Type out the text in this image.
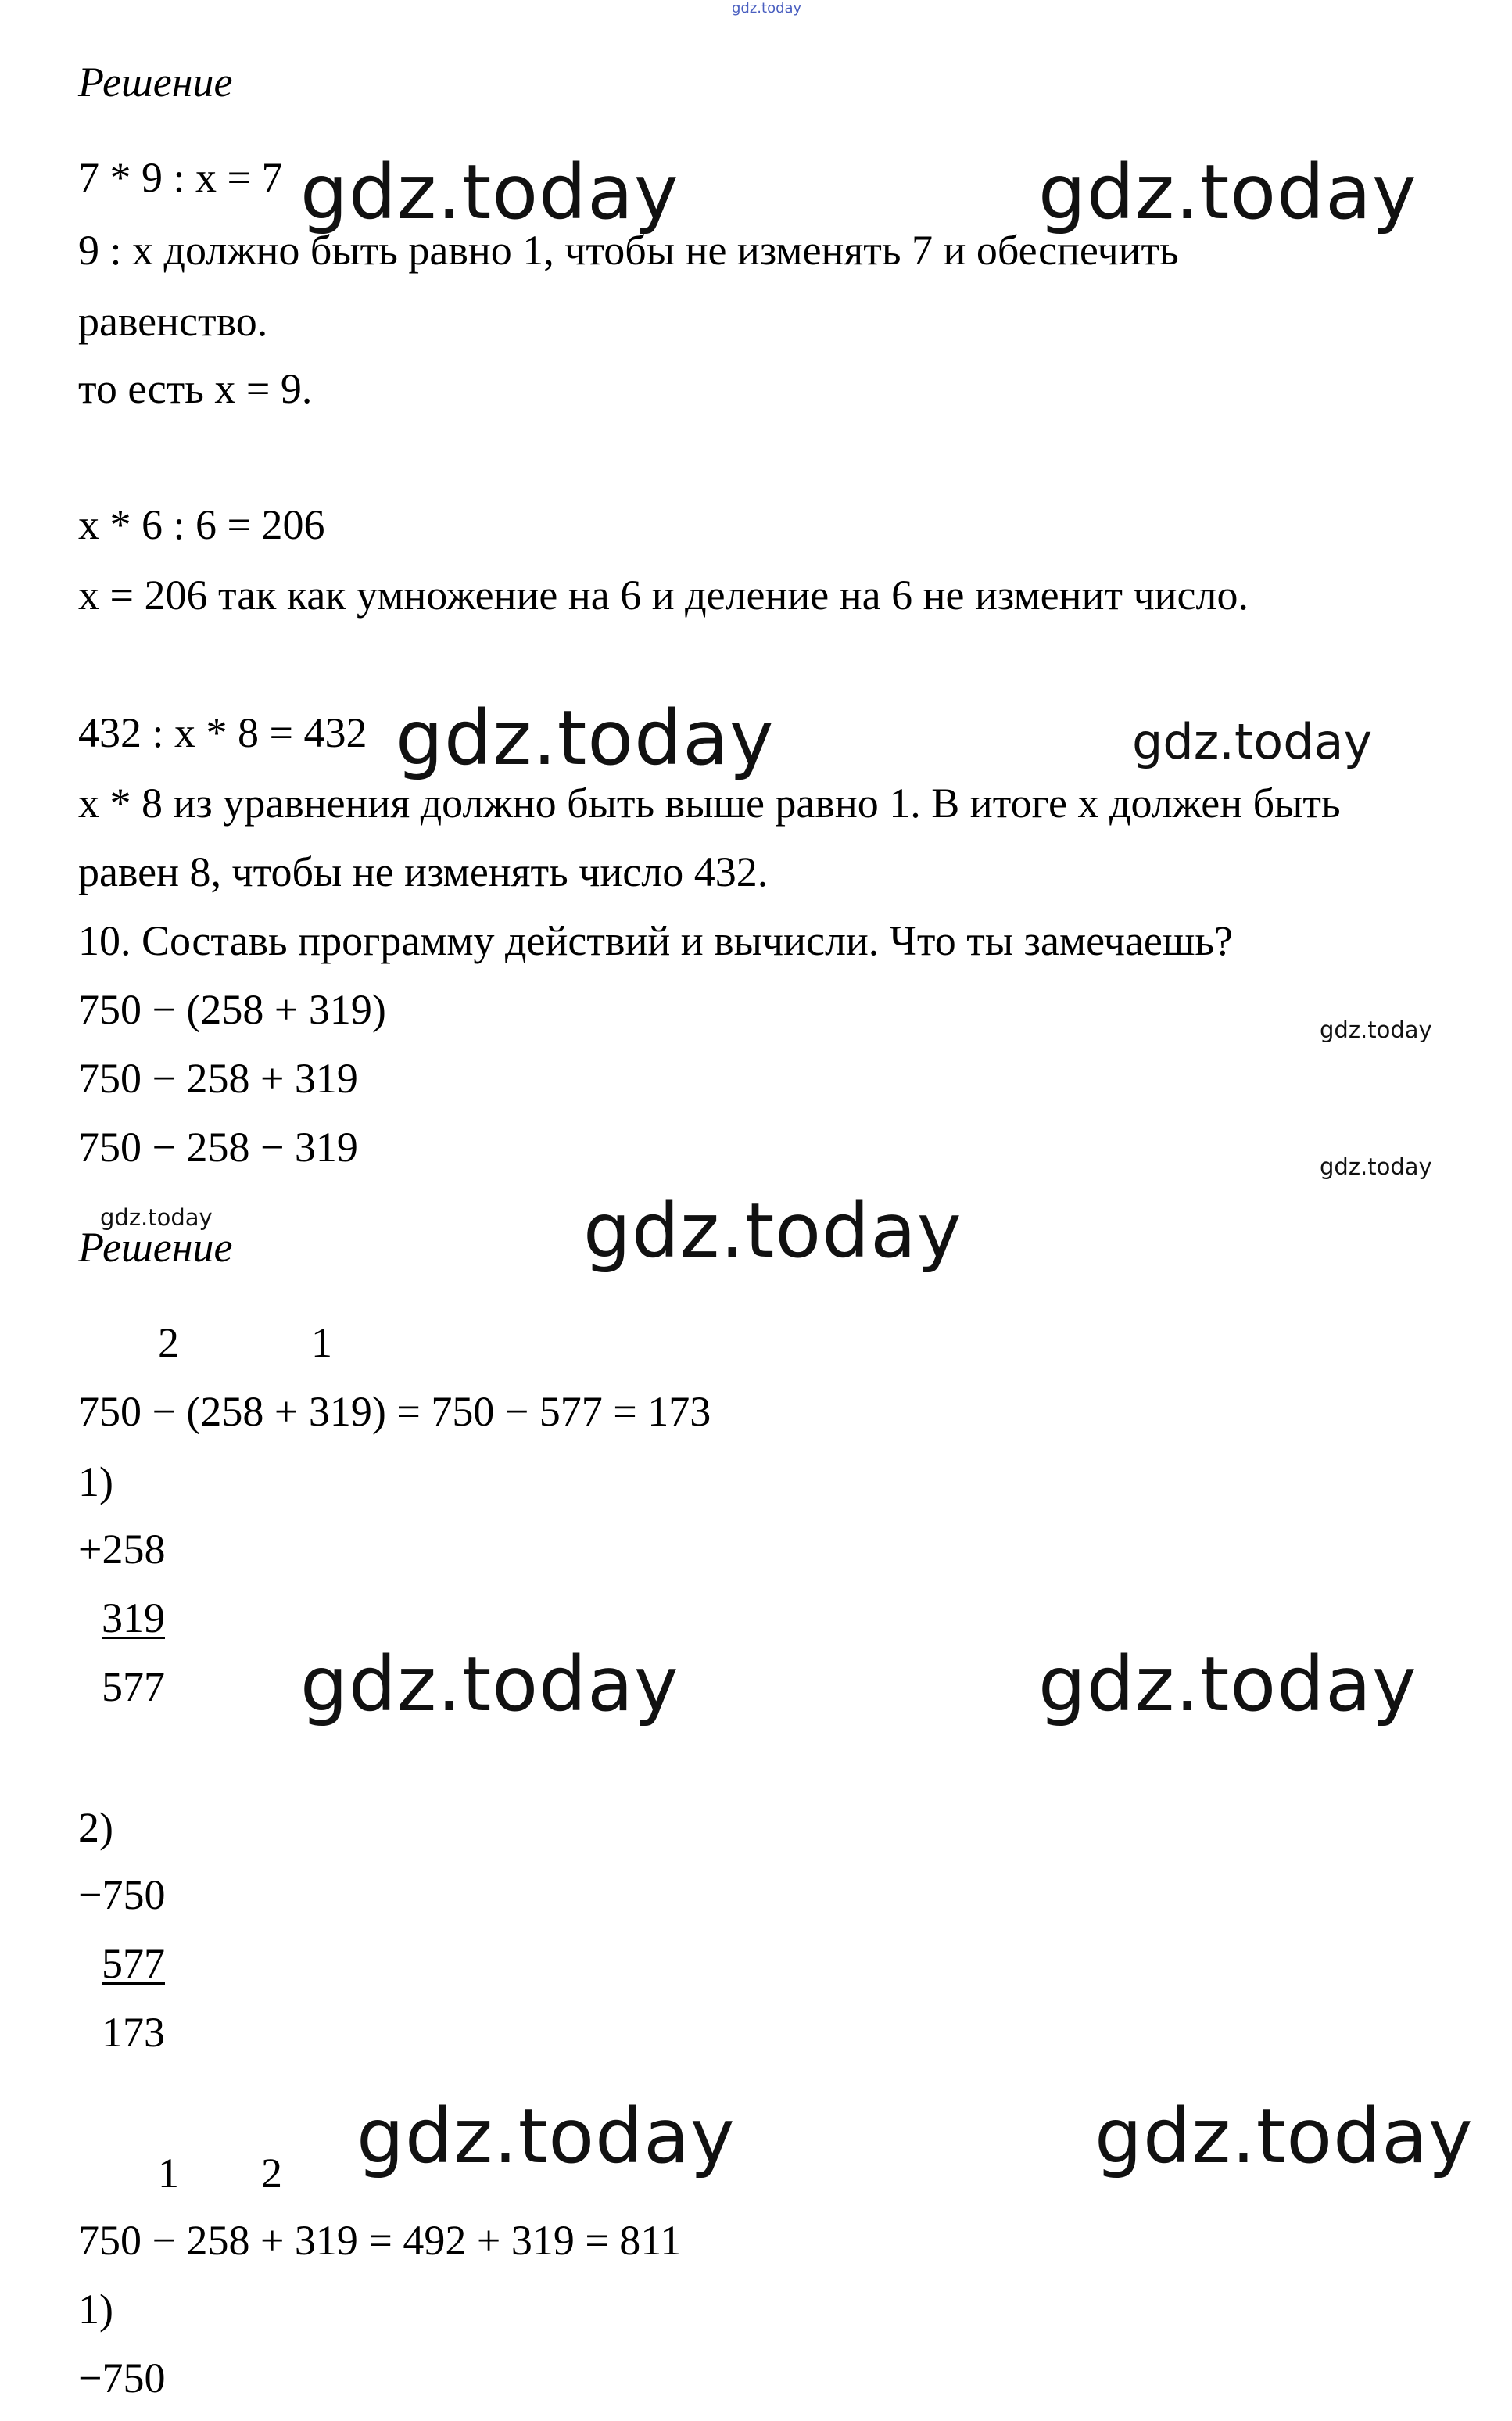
gdz.today
Решение
7 * 9 : x = 7 gdz.today	gdz.today
9 : x должно быть равно 1, чтобы не изменять 7 и обеспечить
равенство.
то есть x = 9.
x * 6 : 6 = 206
x = 206 так как умножение на 6 и деление на 6 не изменит число.
432 : x * 8 = 432 gdz.today	gdz.today
x * 8 из уравнения должно быть выше равно 1. В итоге x должен быть
равен 8, чтобы не изменять число 432.
10. Составь программу действий и вычисли. Что ты замечаешь?
750 − (258 + 319)	gdz.today
750 − 258 + 319
750 − 258 − 319	gdz.today
gdz.today
Решение	gdz.today
2	1
750 − (258 + 319) = 750 − 577 = 173
1)
+258
319
577 gdz.today	gdz.today
2)
−750
577
173
gdz.today	gdz.today
1 2
750 − 258 + 319 = 492 + 319 = 811
1)
−750
